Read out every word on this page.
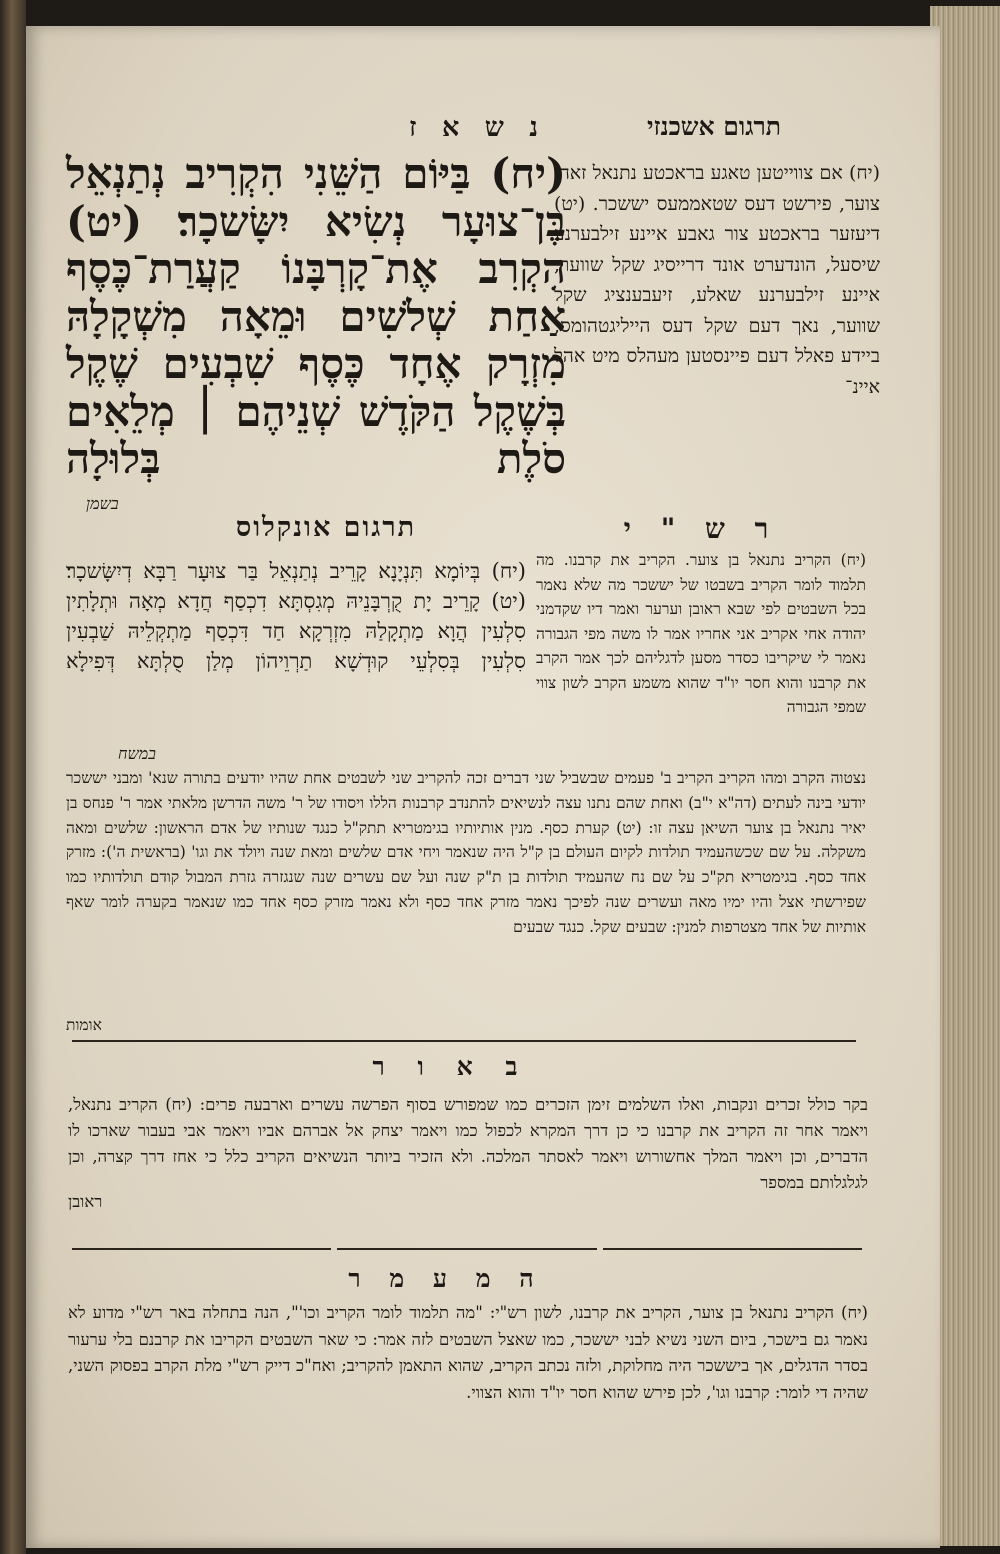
נ ש א ז	תרגום אשכנזי
(יח) בַּיּוֹם הַשֵּׁנִי הִקְרִיב נְתַנְאֵל בֶּן־צוּעָר נְשִׂיא יִשָּׂשכָר׃ (יט) הִקְרִב אֶת־קָרְבָּנוֹ קַעֲרַת־כֶּסֶף אַחַת שְׁלֹשִׁים וּמֵאָה מִשְׁקָלָהּ מִזְרָק אֶחָד כֶּסֶף שִׁבְעִים שֶׁקֶל בְּשֶׁקֶל הַקֹּדֶשׁ שְׁנֵיהֶם ׀ מְלֵאִים סֹלֶת בְּלוּלָה
בשמן
(יח) אם צווייטען טאגע בראכטע נתנאל זאהן צוער, פירשט דעס שטאממעס יששכר. (יט) דיעזער בראכטע צור גאבע איינע זילבערנע שיסעל, הונדערט אונד דרייסיג שקל שווער, איינע זילבערנע שאלע, זיעבענציג שקל שווער, נאך דעם שקל דעס הייליגטהומס, ביידע פאלל דעם פיינסטען מעהלס מיט אהל איינ־
תרגום אונקלוס
(יח) בְּיוֹמָא תִּנְיָנָא קָרֵיב נְתַנְאֵל בַּר צוּעָר רַבָּא דְיִשָּׂשכָר׃ (יט) קָרֵיב יָת קֻרְבָּנֵיהּ מְגִסְתָּא דִכְסַף חֲדָא מְאָה וּתְלָתִין סִלְעִין הֲוָא מַתְקָלַהּ מִזְרְקָא חַד דִּכְסַף מַתְקְלֵיהּ שַׁבְעִין סִלְעִין בְּסִלְעֵי קוּדְשָׁא תַרְוֵיהוֹן מְלַן סֻלְתָּא דְּפִילָא
במשח
ר ש " י
(יח) הקריב נתנאל בן צוער. הקריב את קרבנו. מה תלמוד לומר הקריב בשבטו של יששכר מה שלא נאמר בכל השבטים לפי שבא ראובן וערער ואמר דיו שקדמני יהודה אחי אקריב אני אחריו אמר לו משה מפי הגבורה נאמר לי שיקריבו כסדר מסען לדגליהם לכך אמר הקרב את קרבנו והוא חסר יו"ד שהוא משמע הקרב לשון צווי שמפי הגבורה
נצטוה הקרב ומהו הקריב הקריב ב' פעמים שבשביל שני דברים זכה להקריב שני לשבטים אחת שהיו יודעים בתורה שנא' ומבני יששכר יודעי בינה לעתים (דה"א י"ב) ואחת שהם נתנו עצה לנשיאים להתנדב קרבנות הללו ויסודו של ר' משה הדרשן מלאתי אמר ר' פנחס בן יאיר נתנאל בן צוער השיאן עצה זו: (יט) קערת כסף. מנין אותיותיו בגימטריא תתק"ל כנגד שנותיו של אדם הראשון: שלשים ומאה משקלה. על שם שכשהעמיד תולדות לקיום העולם בן ק"ל היה שנאמר ויחי אדם שלשים ומאת שנה ויולד את וגו' (בראשית ה'): מזרק אחד כסף. בגימטריא תק"כ על שם נח שהעמיד תולדות בן ת"ק שנה ועל שם עשרים שנה שנגזרה גזרת המבול קודם תולדותיו כמו שפירשתי אצל והיו ימיו מאה ועשרים שנה לפיכך נאמר מזרק אחד כסף ולא נאמר מזרק כסף אחד כמו שנאמר בקערה לומר שאף אותיות של אחד מצטרפות למנין: שבעים שקל. כנגד שבעים
אומות
ב א ו ר
בקר כולל זכרים ונקבות, ואלו השלמים זימן הזכרים כמו שמפורש בסוף הפרשה עשרים וארבעה פרים: (יח) הקריב נתנאל, ויאמר אחר זה הקריב את קרבנו כי כן דרך המקרא לכפול כמו ויאמר יצחק אל אברהם אביו ויאמר אבי בעבור שארכו לו הדברים, וכן ויאמר המלך אחשורוש ויאמר לאסתר המלכה. ולא הזכיר ביותר הנשיאים הקריב כלל כי אחז דרך קצרה, וכן לגלגלותם במספר
ראובן
ה מ ע מ ר
(יח) הקריב נתנאל בן צוער, הקריב את קרבנו, לשון רש"י: "מה תלמוד לומר הקריב וכו'", הנה בתחלה באר רש"י מדוע לא נאמר גם בישכר, ביום השני נשיא לבני יששכר, כמו שאצל השבטים לזה אמר: כי שאר השבטים הקריבו את קרבנם בלי ערעור בסדר הדגלים, אך ביששכר היה מחלוקת, ולזה נכתב הקריב, שהוא התאמן להקריב; ואח"כ דייק רש"י מלת הקרב בפסוק השני, שהיה די לומר: קרבנו וגו', לכן פירש שהוא חסר יו"ד והוא הצווי.
